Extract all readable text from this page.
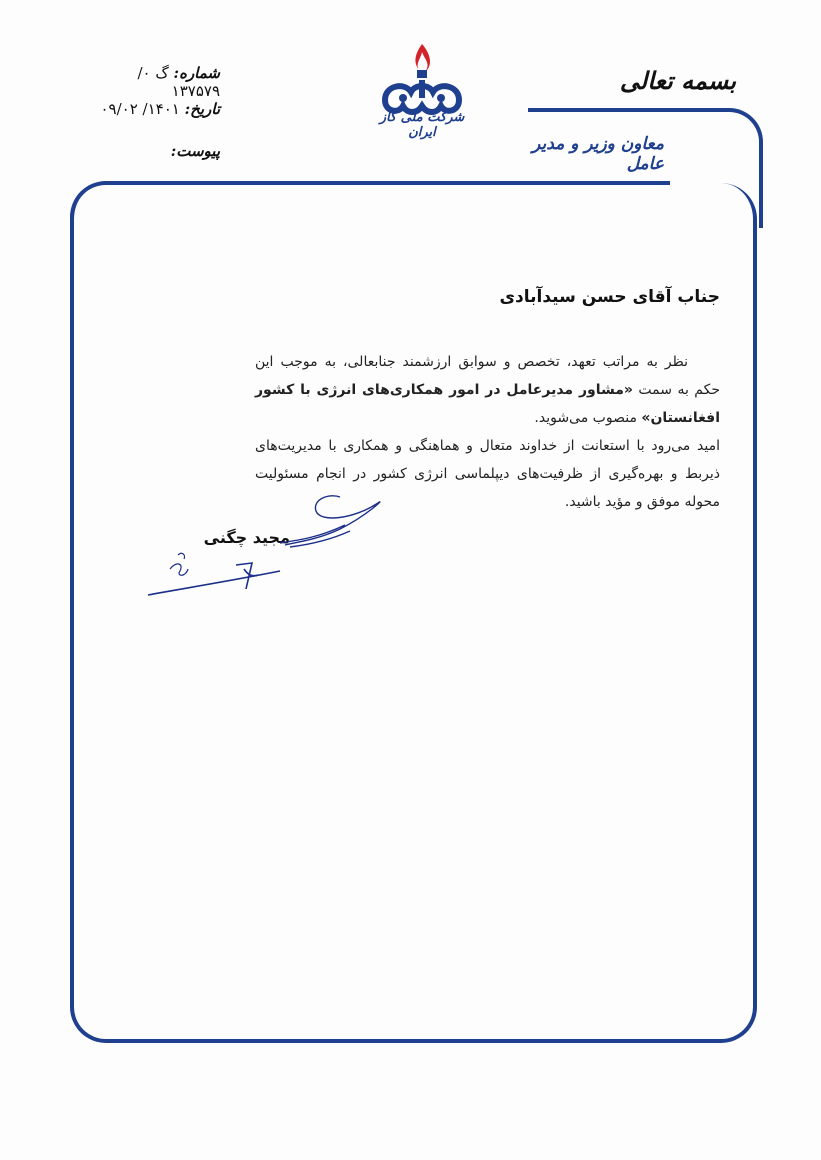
بسمه تعالی
معاون وزیر و مدیر عامل
شماره: گ ۰/ ۱۳۷۵۷۹
تاریخ: ۱۴۰۱/ ۰۹/۰۲
پیوست:
شرکت ملی گاز ایران
جناب آقای حسن سیدآبادی

نظر به مراتب تعهد، تخصص و سوابق ارزشمند جنابعالی، به موجب این حکم به سمت «مشاور مدیرعامل در امور همکاری‌های انرژی با کشور افغانستان» منصوب می‌شوید.

امید می‌رود با استعانت از خداوند متعال و هماهنگی و همکاری با مدیریت‌های ذیربط و بهره‌گیری از ظرفیت‌های دیپلماسی انرژی کشور در انجام مسئولیت محوله موفق و مؤید باشید.

مجید چگنی
